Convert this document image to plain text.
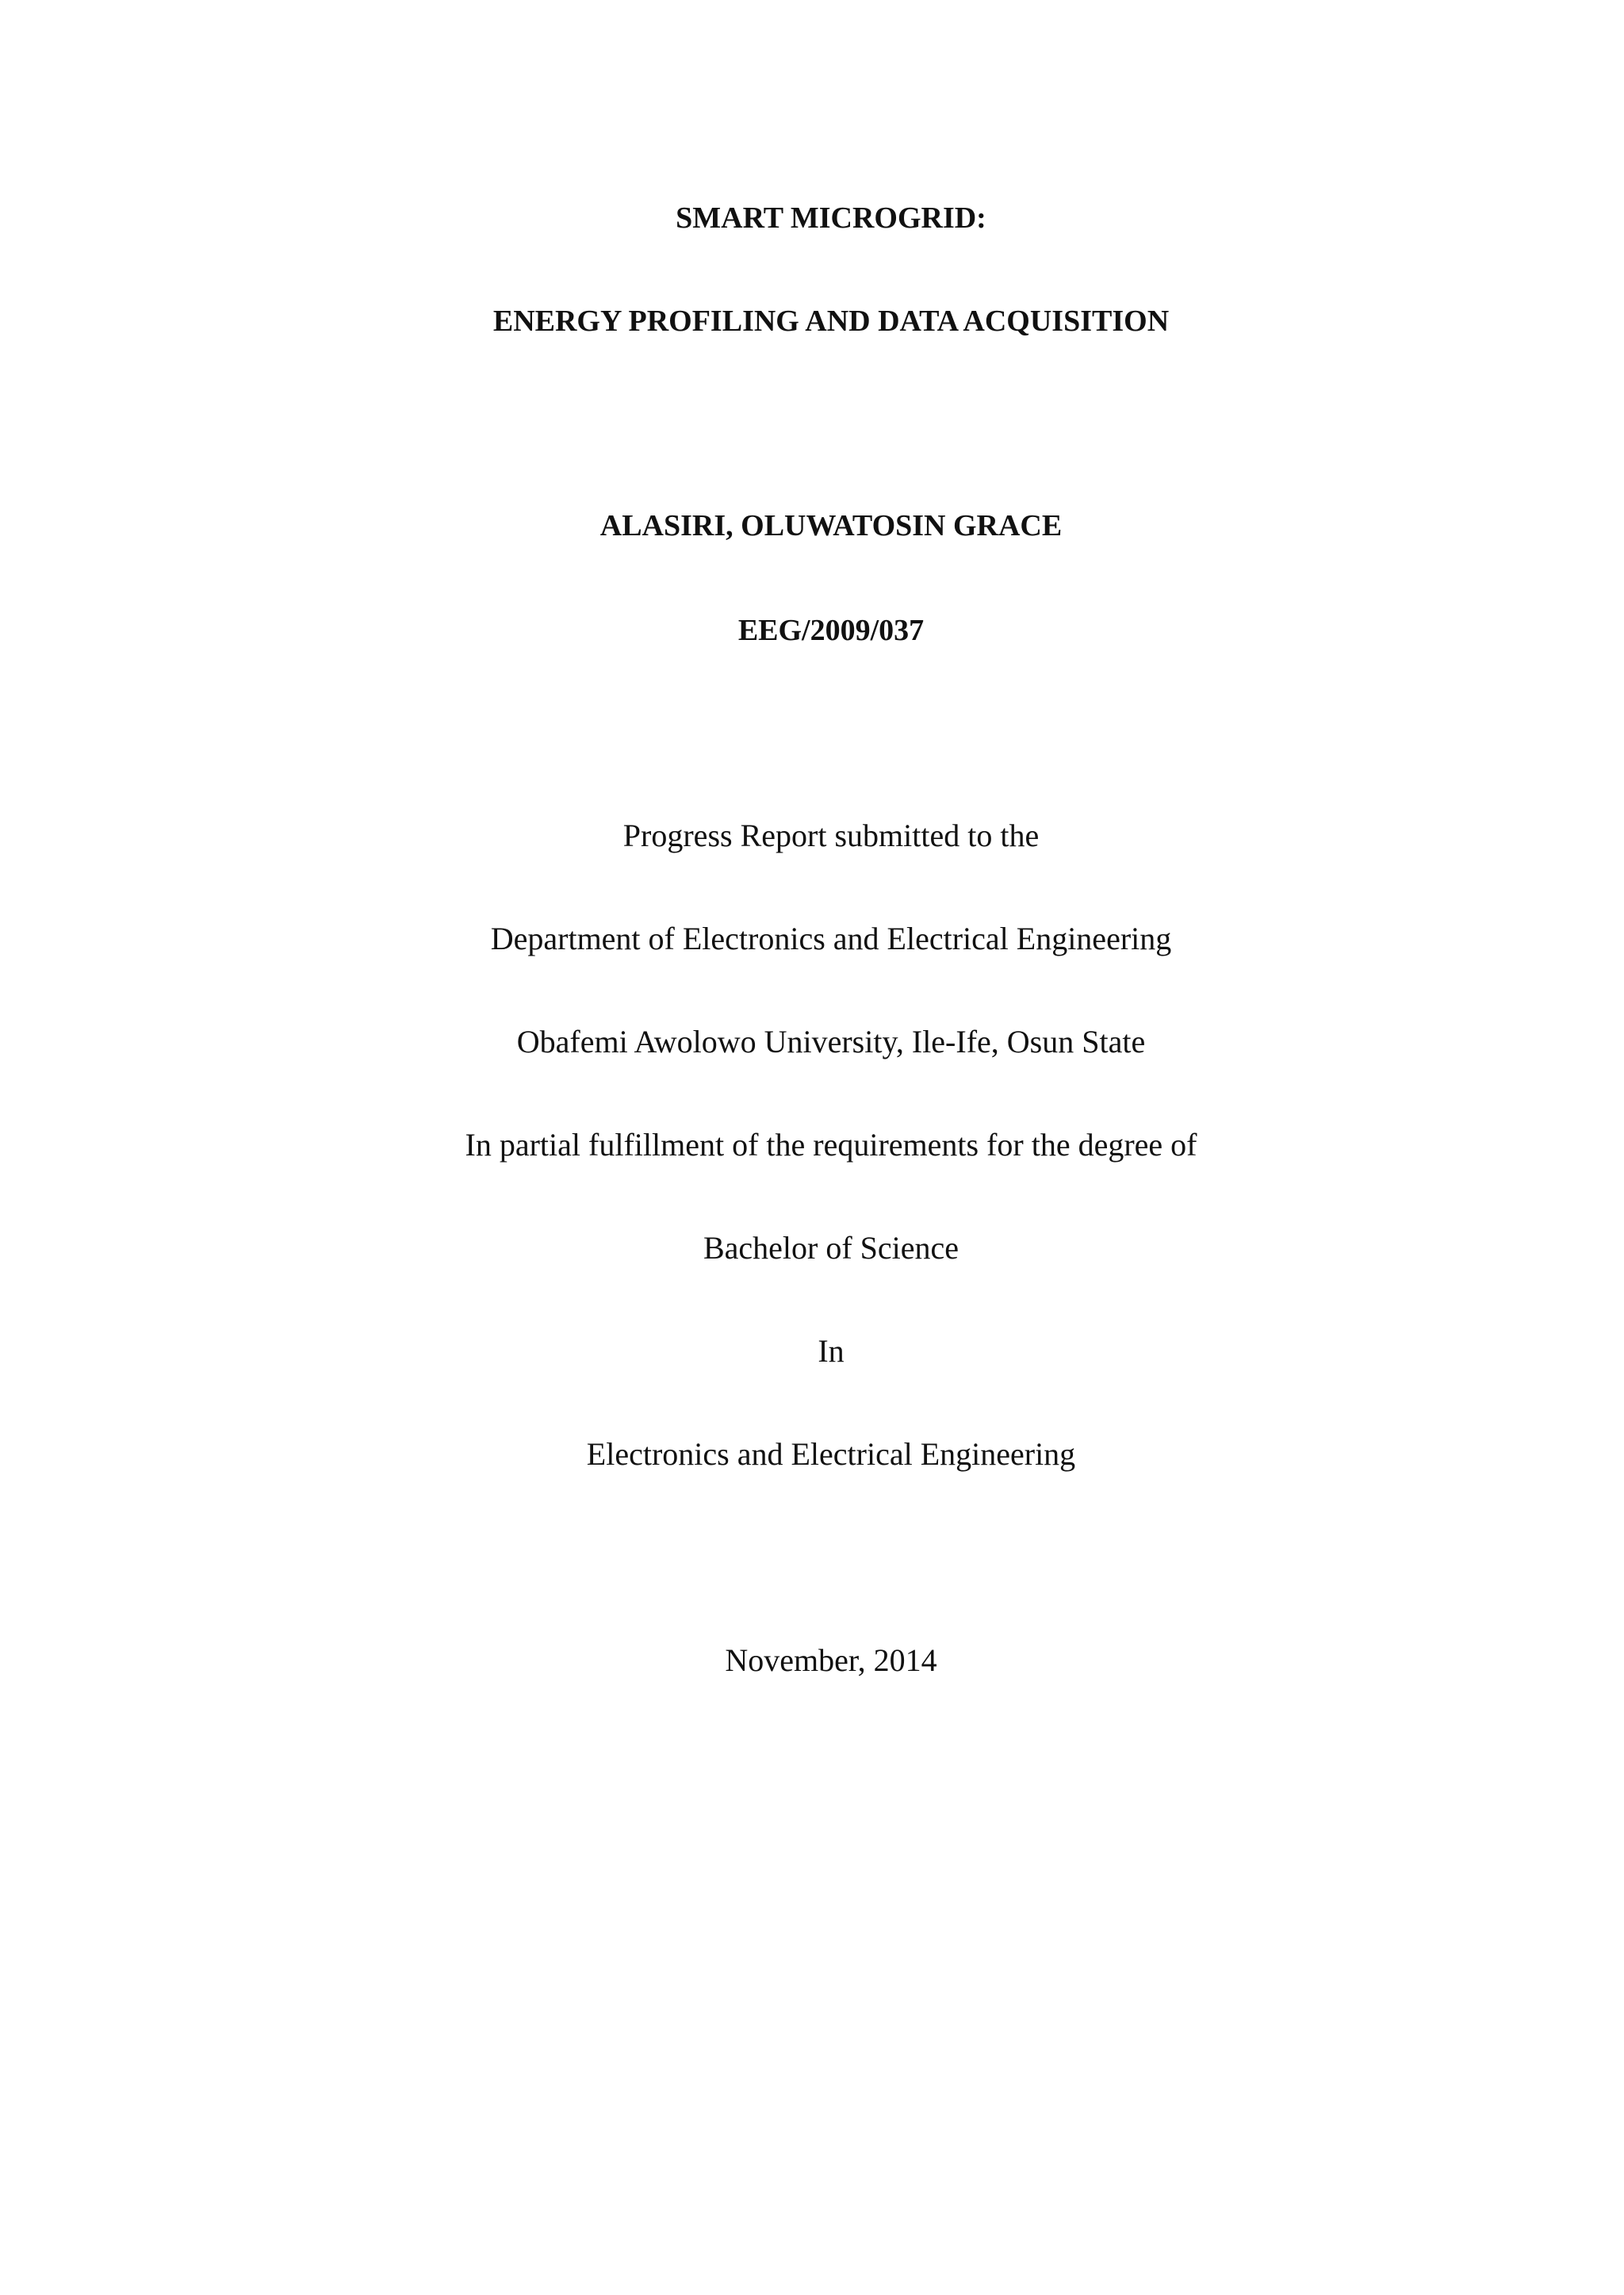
SMART MICROGRID:
ENERGY PROFILING AND DATA ACQUISITION
ALASIRI, OLUWATOSIN GRACE
EEG/2009/037
Progress Report submitted to the
Department of Electronics and Electrical Engineering
Obafemi Awolowo University, Ile-Ife, Osun State
In partial fulfillment of the requirements for the degree of
Bachelor of Science
In
Electronics and Electrical Engineering
November, 2014
